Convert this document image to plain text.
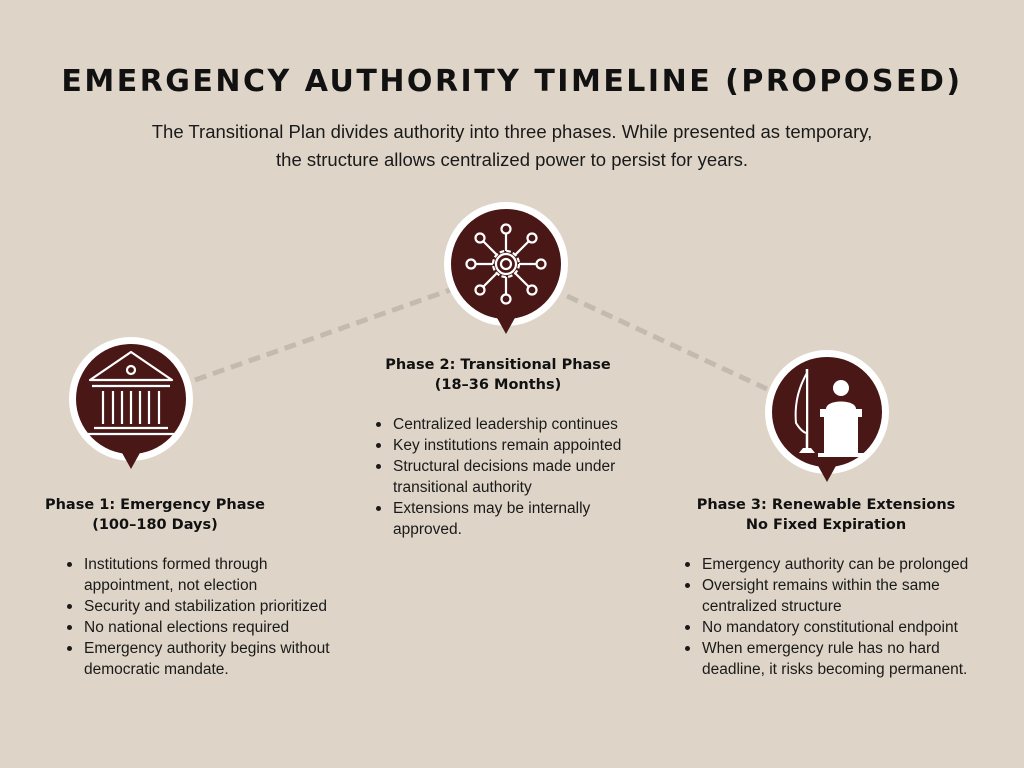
EMERGENCY AUTHORITY TIMELINE (PROPOSED)
The Transitional Plan divides authority into three phases. While presented as temporary, the structure allows centralized power to persist for years.
Phase 1: Emergency Phase
(100–180 Days)
Institutions formed through appointment, not election
Security and stabilization prioritized
No national elections required
Emergency authority begins without democratic mandate.
Phase 2: Transitional Phase
(18–36 Months)
Centralized leadership continues
Key institutions remain appointed
Structural decisions made under transitional authority
Extensions may be internally approved.
Phase 3: Renewable Extensions
No Fixed Expiration
Emergency authority can be prolonged
Oversight remains within the same centralized structure
No mandatory constitutional endpoint
When emergency rule has no hard deadline, it risks becoming permanent.
